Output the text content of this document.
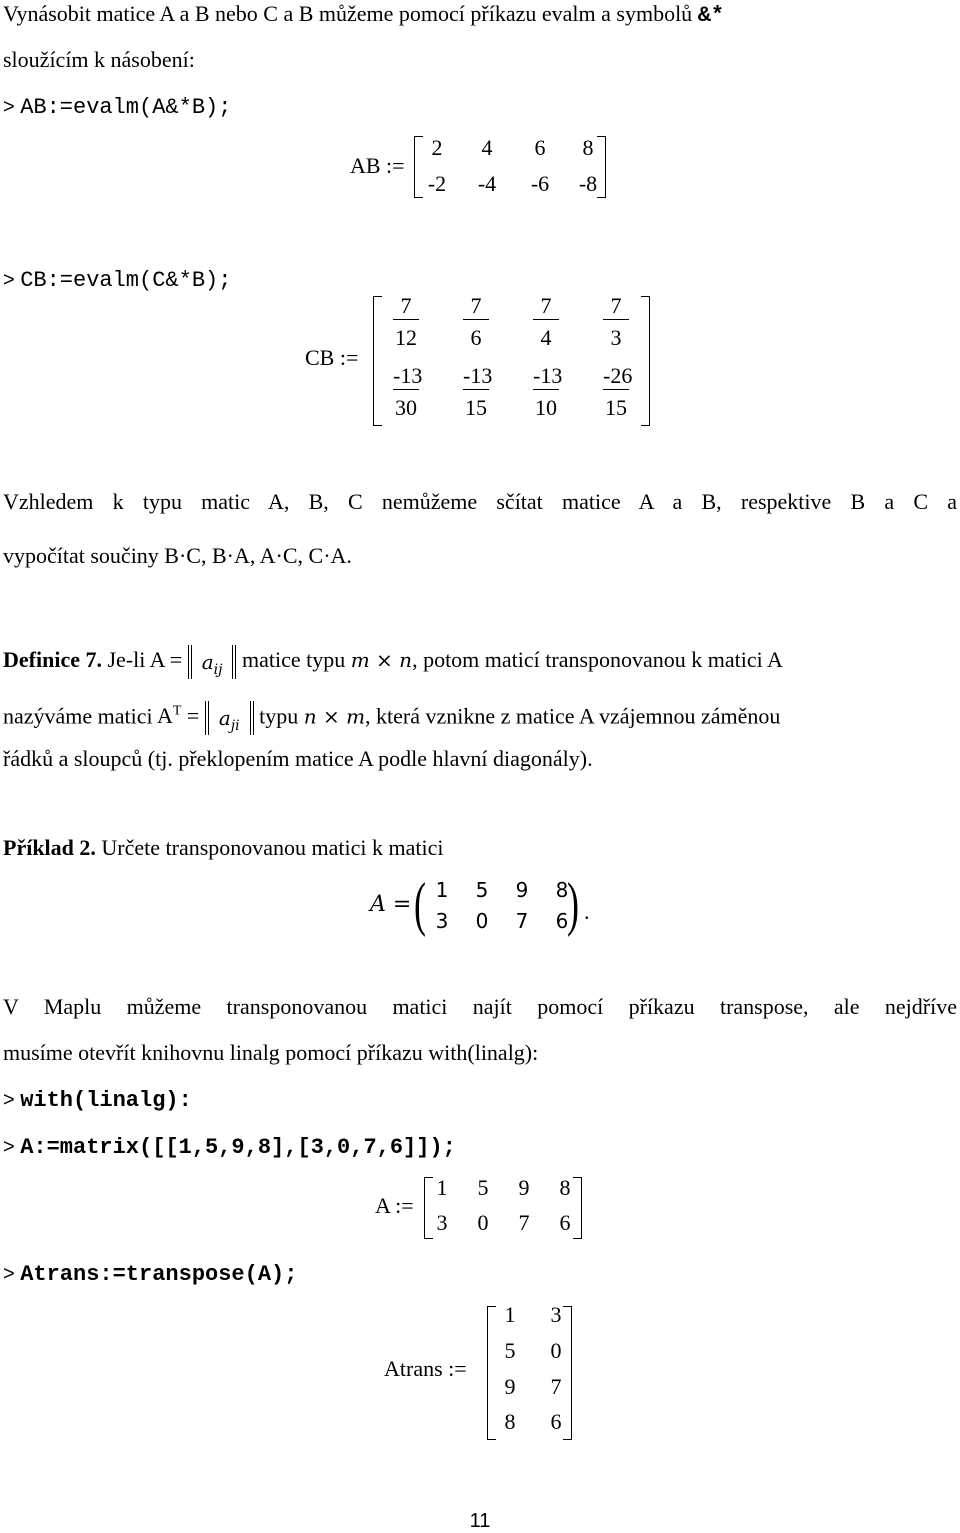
Vynásobit matice A a B nebo C a B můžeme pomocí příkazu evalm a symbolů &*
sloužícím k násobení:
> AB:=evalm(A&*B);
AB :=
2	4	6	8
-2	-4	-6	-8
> CB:=evalm(C&*B);
CB :=
$\frac{7}{12} \frac{7}{6} \frac{7}{4} \frac{7}{3}$
$\frac{-13}{30} \frac{-13}{15} \frac{-13}{10} \frac{-26}{15}$
Vzhledem k typu matic A, B, C nemůžeme sčítat matice A a B, respektive B a C a
vypočítat součiny B·C, B·A, A·C, C·A.
Definice 7. Je-li $A = a_{ij}$ matice typu m × n, potom maticí transponovanou k matici A
nazýváme matici $A^T = a_{ji}$ typu n × m, která vznikne z matice A vzájemnou záměnou
řádků a sloupců (tj. překlopením matice A podle hlavní diagonály).
Příklad 2. Určete transponovanou matici k matici
A = ( )
1	5	9	8
3	0	7	6 .
V Maplu můžeme transponovanou matici najít pomocí příkazu transpose, ale nejdříve
musíme otevřít knihovnu linalg pomocí příkazu with(linalg):
> with(linalg):
> A:=matrix([[1,5,9,8],[3,0,7,6]]);
A :=
1	5	9	8
3	0	7	6
> Atrans:=transpose(A);
Atrans :=
1	3
5	0
9	7
8	6
11
